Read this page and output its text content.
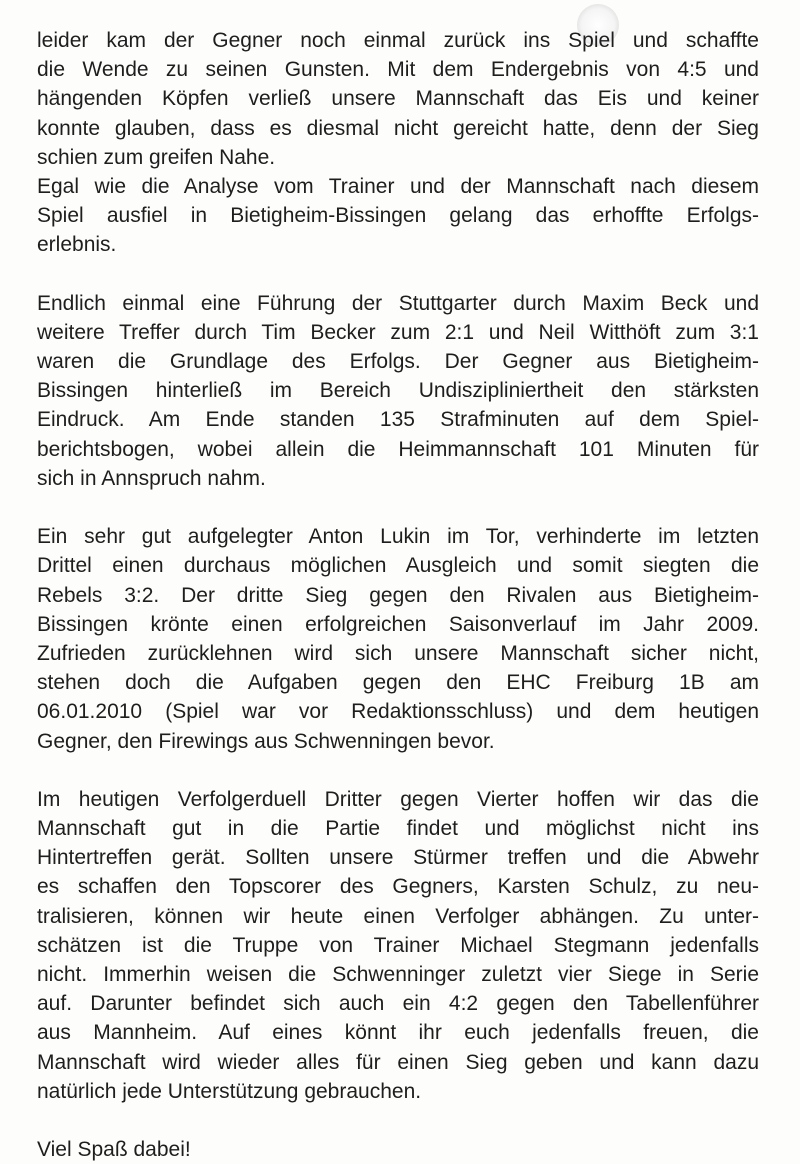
leider kam der Gegner noch einmal zurück ins Spiel und schaffte
die Wende zu seinen Gunsten. Mit dem Endergebnis von 4:5 und
hängenden Köpfen verließ unsere Mannschaft das Eis und keiner
konnte glauben, dass es diesmal nicht gereicht hatte, denn der Sieg
schien zum greifen Nahe.
Egal wie die Analyse vom Trainer und der Mannschaft nach diesem
Spiel ausfiel in Bietigheim-Bissingen gelang das erhoffte Erfolgs-
erlebnis.
Endlich einmal eine Führung der Stuttgarter durch Maxim Beck und
weitere Treffer durch Tim Becker zum 2:1 und Neil Witthöft zum 3:1
waren die Grundlage des Erfolgs. Der Gegner aus Bietigheim-
Bissingen hinterließ im Bereich Undiszipliniertheit den stärksten
Eindruck. Am Ende standen 135 Strafminuten auf dem Spiel-
berichtsbogen, wobei allein die Heimmannschaft 101 Minuten für
sich in Annspruch nahm.
Ein sehr gut aufgelegter Anton Lukin im Tor, verhinderte im letzten
Drittel einen durchaus möglichen Ausgleich und somit siegten die
Rebels 3:2. Der dritte Sieg gegen den Rivalen aus Bietigheim-
Bissingen krönte einen erfolgreichen Saisonverlauf im Jahr 2009.
Zufrieden zurücklehnen wird sich unsere Mannschaft sicher nicht,
stehen doch die Aufgaben gegen den EHC Freiburg 1B am
06.01.2010 (Spiel war vor Redaktionsschluss) und dem heutigen
Gegner, den Firewings aus Schwenningen bevor.
Im heutigen Verfolgerduell Dritter gegen Vierter hoffen wir das die
Mannschaft gut in die Partie findet und möglichst nicht ins
Hintertreffen gerät. Sollten unsere Stürmer treffen und die Abwehr
es schaffen den Topscorer des Gegners, Karsten Schulz, zu neu-
tralisieren, können wir heute einen Verfolger abhängen. Zu unter-
schätzen ist die Truppe von Trainer Michael Stegmann jedenfalls
nicht. Immerhin weisen die Schwenninger zuletzt vier Siege in Serie
auf. Darunter befindet sich auch ein 4:2 gegen den Tabellenführer
aus Mannheim. Auf eines könnt ihr euch jedenfalls freuen, die
Mannschaft wird wieder alles für einen Sieg geben und kann dazu
natürlich jede Unterstützung gebrauchen.
Viel Spaß dabei!
